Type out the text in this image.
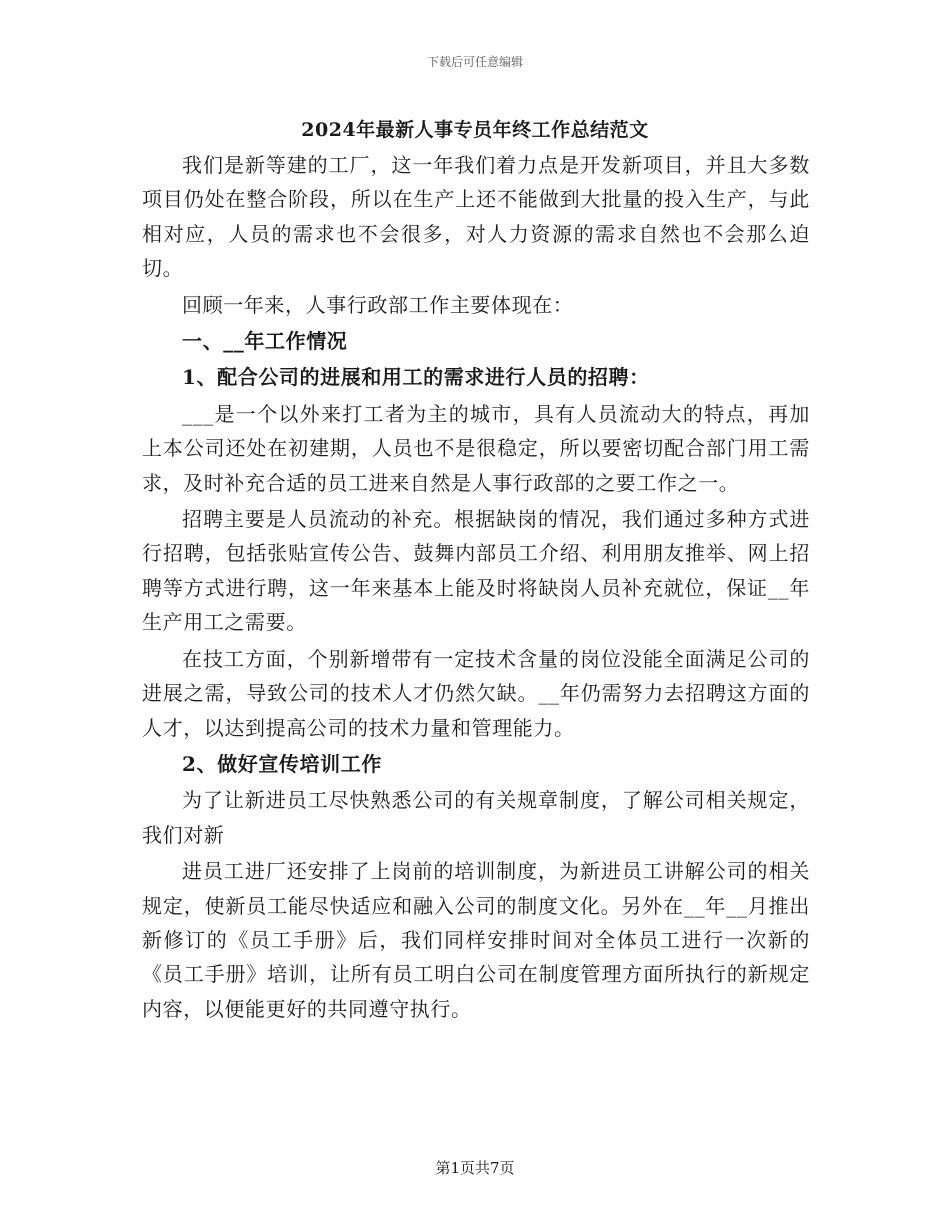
下载后可任意编辑
2024年最新人事专员年终工作总结范文

我们是新等建的工厂，这一年我们着力点是开发新项目，并且大多数项目仍处在整合阶段，所以在生产上还不能做到大批量的投入生产，与此相对应，人员的需求也不会很多，对人力资源的需求自然也不会那么迫切。

回顾一年来，人事行政部工作主要体现在：

一、__年工作情况

1、配合公司的进展和用工的需求进行人员的招聘：

___是一个以外来打工者为主的城市，具有人员流动大的特点，再加上本公司还处在初建期，人员也不是很稳定，所以要密切配合部门用工需求，及时补充合适的员工进来自然是人事行政部的之要工作之一。

招聘主要是人员流动的补充。根据缺岗的情况，我们通过多种方式进行招聘，包括张贴宣传公告、鼓舞内部员工介绍、利用朋友推举、网上招聘等方式进行聘，这一年来基本上能及时将缺岗人员补充就位，保证__年生产用工之需要。

在技工方面，个别新增带有一定技术含量的岗位没能全面满足公司的进展之需，导致公司的技术人才仍然欠缺。__年仍需努力去招聘这方面的人才，以达到提高公司的技术力量和管理能力。

2、做好宣传培训工作

为了让新进员工尽快熟悉公司的有关规章制度，了解公司相关规定，我们对新

进员工进厂还安排了上岗前的培训制度，为新进员工讲解公司的相关规定，使新员工能尽快适应和融入公司的制度文化。另外在__年__月推出新修订的《员工手册》后，我们同样安排时间对全体员工进行一次新的《员工手册》培训，让所有员工明白公司在制度管理方面所执行的新规定内容，以便能更好的共同遵守执行。

第1页共7页
